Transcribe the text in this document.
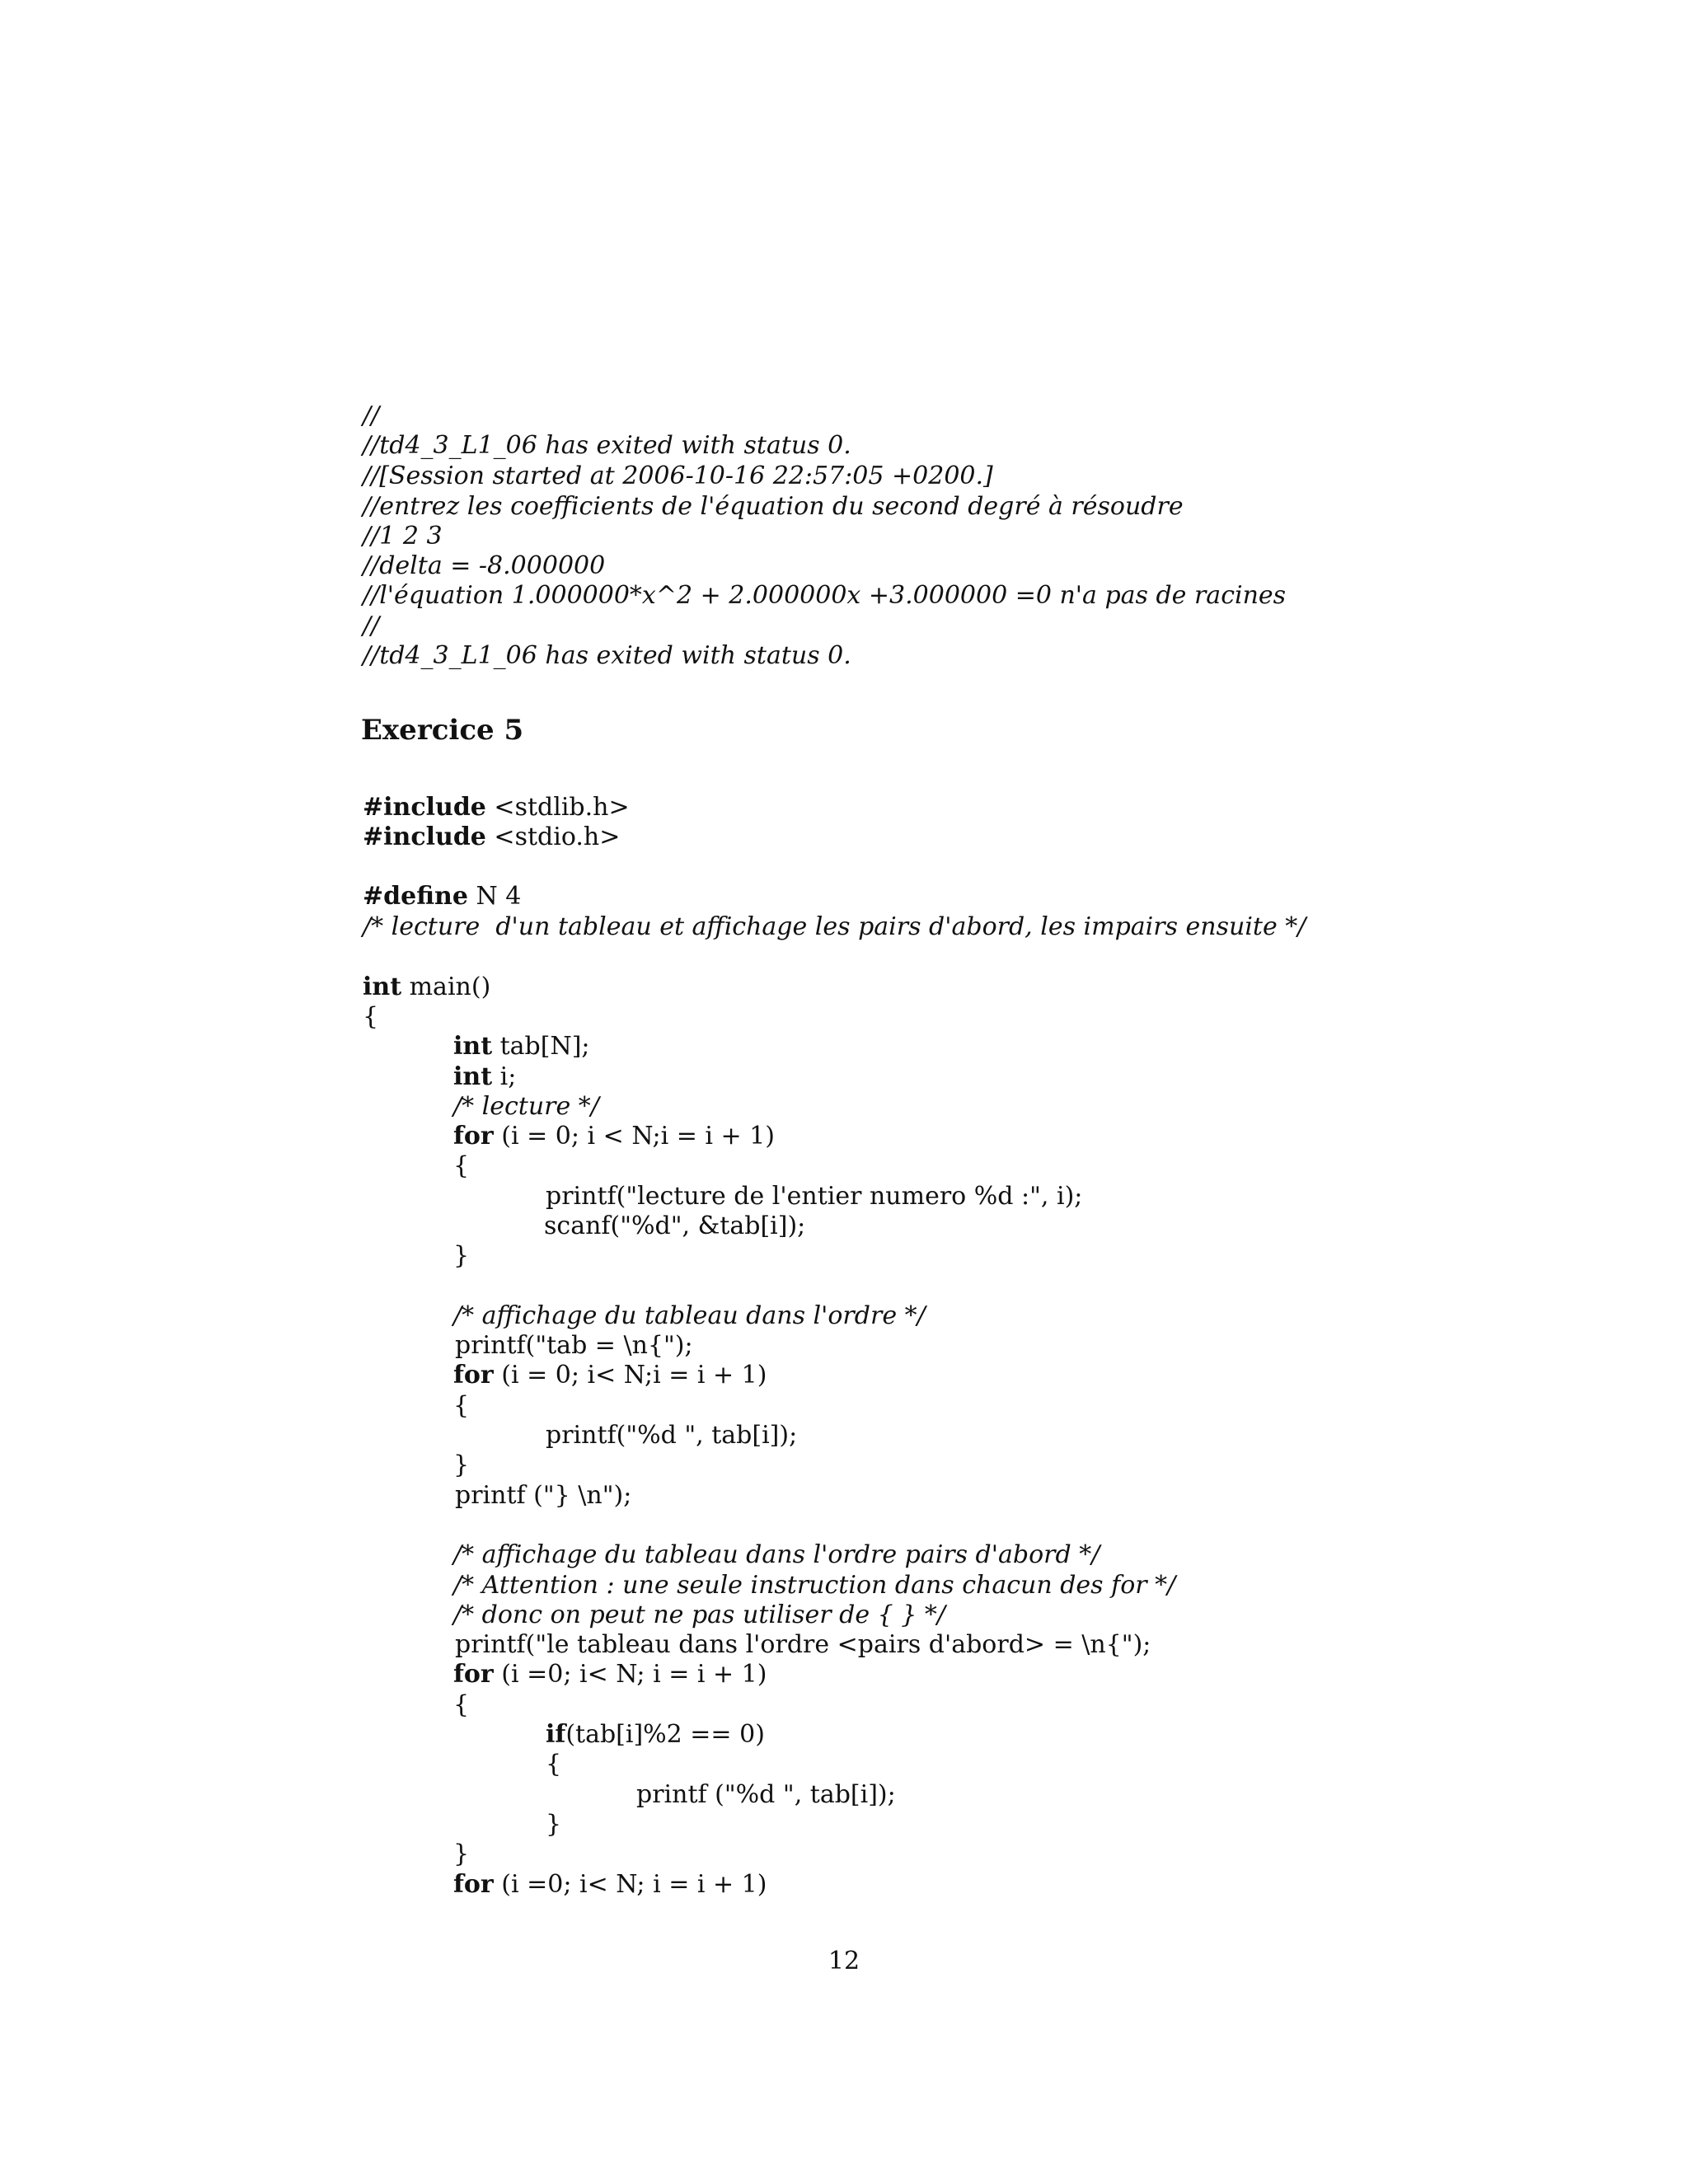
//
//td4_3_L1_06 has exited with status 0.
//[Session started at 2006-10-16 22:57:05 +0200.]
//entrez les coefficients de l'équation du second degré à résoudre
//1 2 3
//delta = -8.000000
//l'équation 1.000000*x^2 + 2.000000x +3.000000 =0 n'a pas de racines
//
//td4_3_L1_06 has exited with status 0.
Exercice 5
#include <stdlib.h>
#include <stdio.h>
#define N 4
/* lecture  d'un tableau et affichage les pairs d'abord, les impairs ensuite */
int main()
{
int tab[N];
int i;
/* lecture */
for (i = 0; i < N;i = i + 1)
{
printf("lecture de l'entier numero %d :", i);
scanf("%d", &tab[i]);
}
/* affichage du tableau dans l'ordre */
printf("tab = \n{");
for (i = 0; i< N;i = i + 1)
{
printf("%d ", tab[i]);
}
printf ("} \n");
/* affichage du tableau dans l'ordre pairs d'abord */
/* Attention : une seule instruction dans chacun des for */
/* donc on peut ne pas utiliser de { } */
printf("le tableau dans l'ordre <pairs d'abord> = \n{");
for (i =0; i< N; i = i + 1)
{
if(tab[i]%2 == 0)
{
printf ("%d ", tab[i]);
}
}
for (i =0; i< N; i = i + 1)
12
